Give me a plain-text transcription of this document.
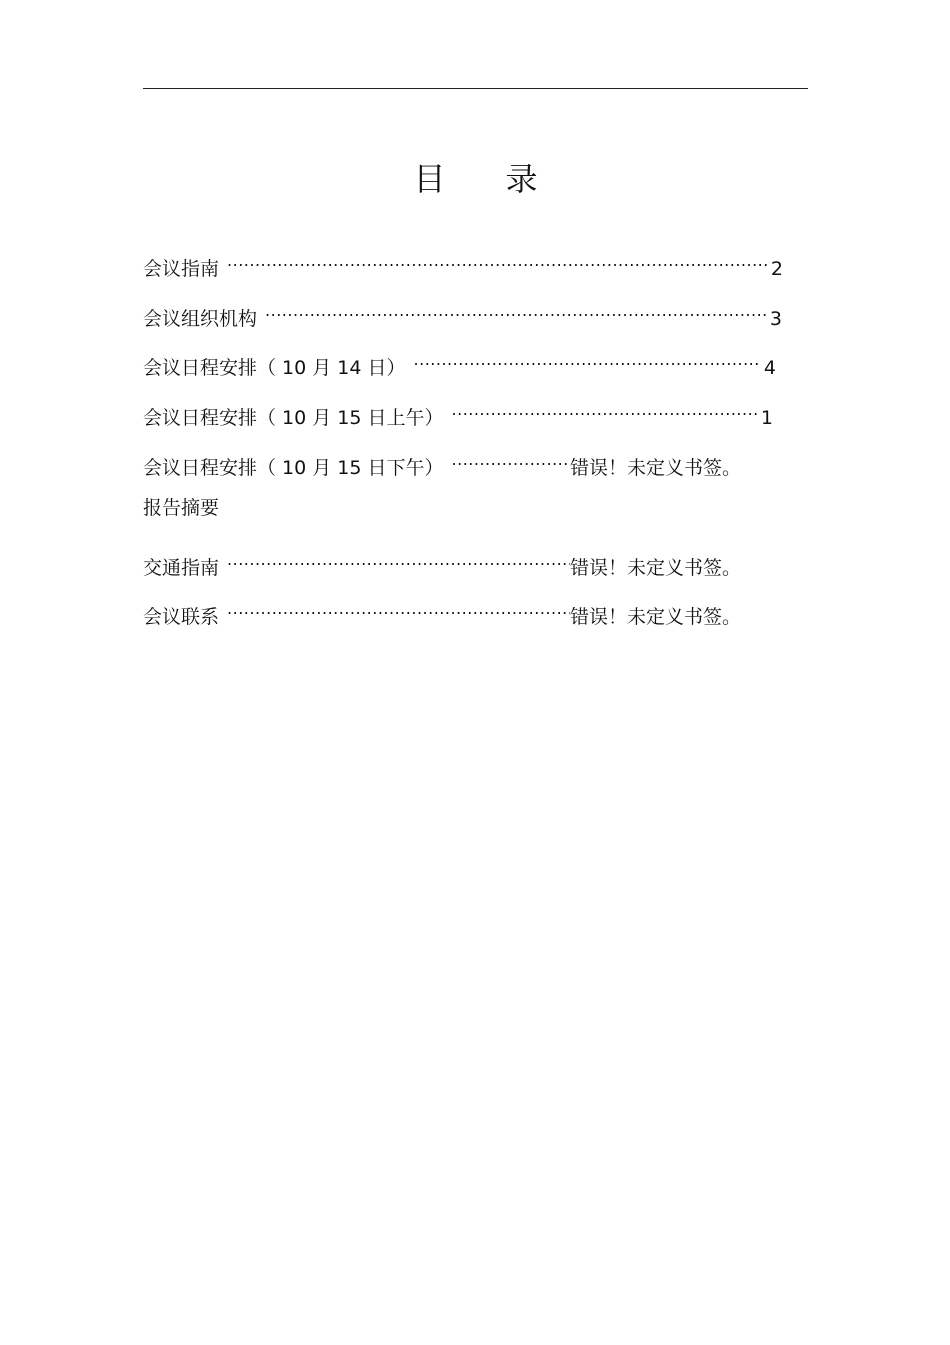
目 录
会议指南 .....	2
会议组织机构 .....	3
会议日程安排（ 10 月 14 日） .....	4
会议日程安排（ 10 月 15 日上午） .....	1
会议日程安排（ 10 月 15 日下午） .....	错误！未定义书签。
报告摘要
交通指南 .....	错误！未定义书签。
会议联系 .....	错误！未定义书签。
